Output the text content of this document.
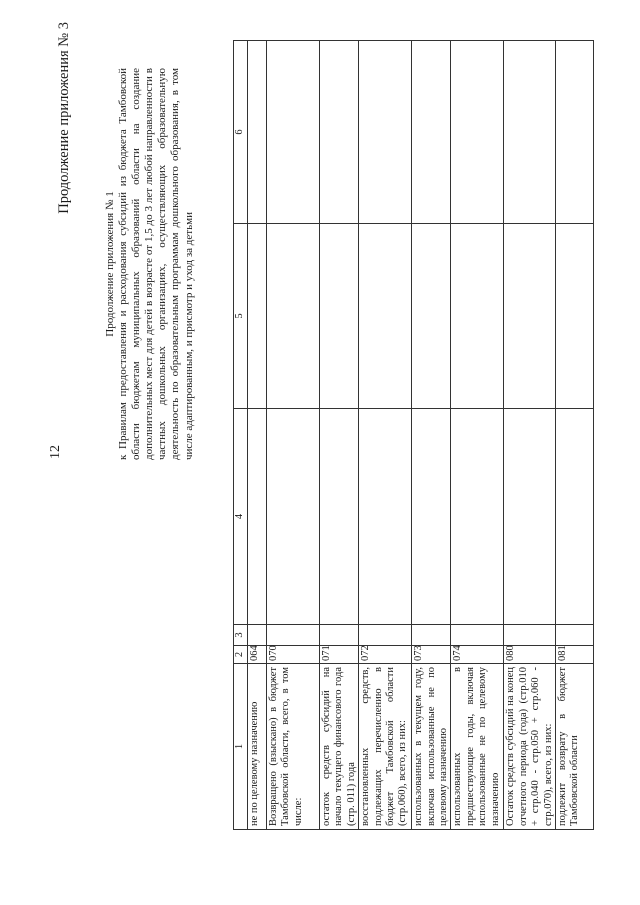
12
Продолжение приложения № 3
Продолжение приложения № 1 к Правилам предоставления и расходования субсидий из бюджета Тамбовской области бюджетам муниципальных образований области на создание дополнительных мест для детей в возрасте от 1,5 до 3 лет любой направленности в частных дошкольных организациях, осуществляющих образовательную деятельность по образовательным программам дошкольного образования, в том числе адаптированным, и присмотр и уход за детьми
1	2	3	4	5	6
не по целевому назначению	064				
Возвращено (взыскано) в бюджет Тамбовской области, всего, в том числе:	070				
остаток средств субсидий на начало текущего финансового года (стр. 011) года	071				
восстановленных средств, подлежащих перечислению в бюджет Тамбовской области (стр.060), всего, из них:	072				
использованных в текущем году, включая использованные не по целевому назначению	073				
использованных в предшествующие годы, включая использованные не по целевому назначению	074				
Остаток средств субсидий на конец отчетного периода (года) (стр.010 + стр.040 - стр.050 + стр.060 - стр.070), всего, из них:	080				
подлежит возврату в бюджет Тамбовской области	081				
